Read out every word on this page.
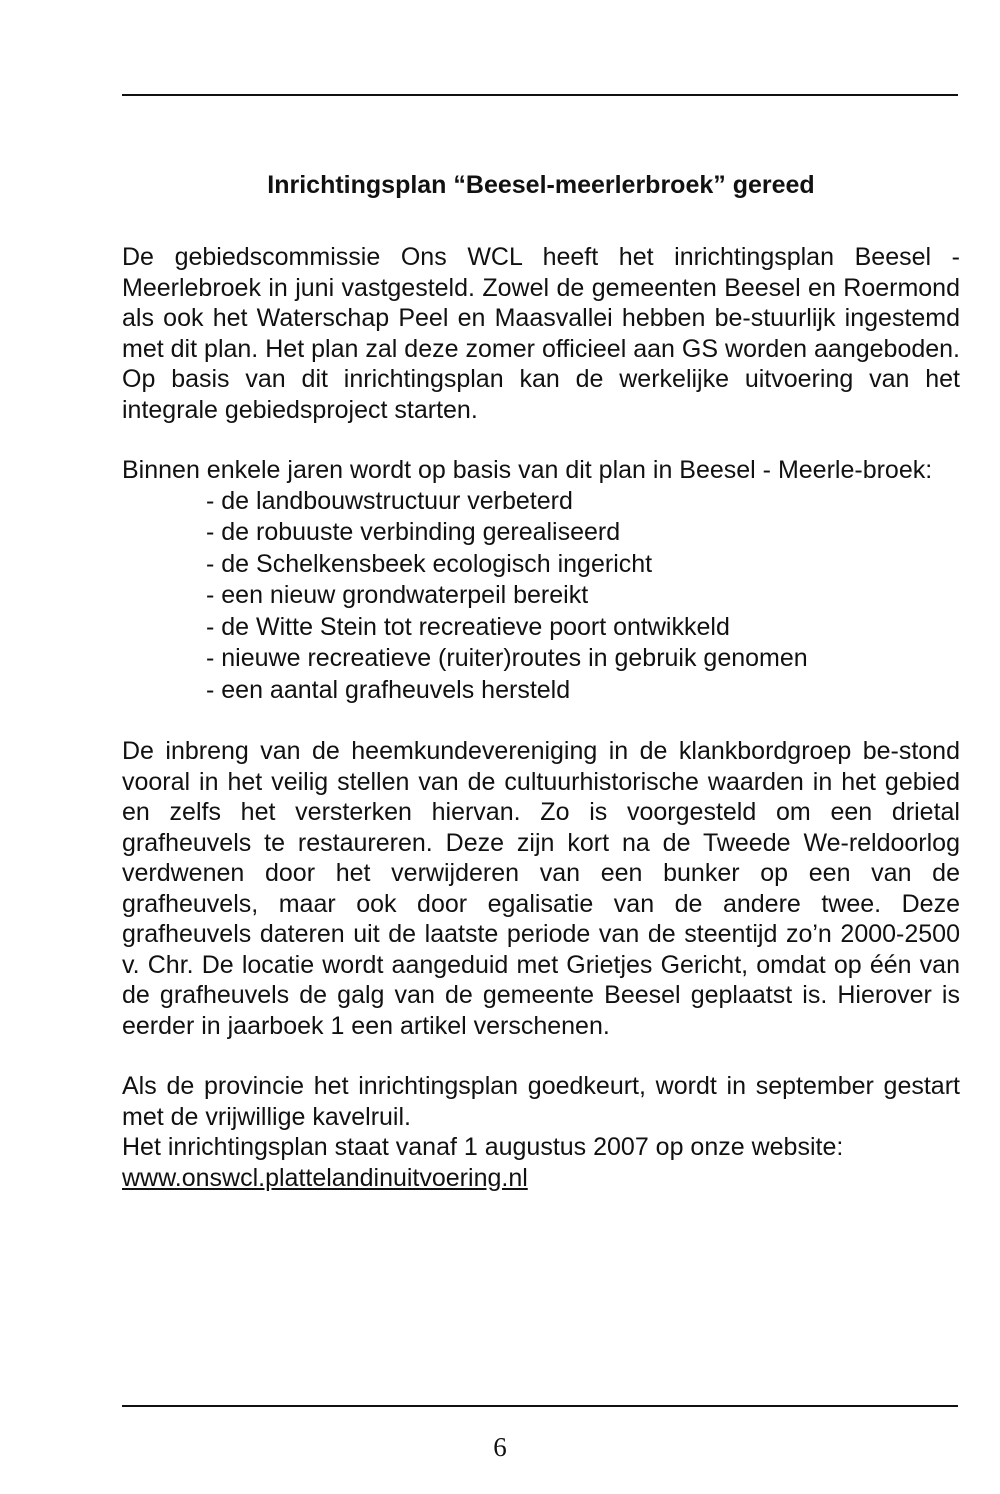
Inrichtingsplan “Beesel-meerlerbroek” gereed

De gebiedscommissie Ons WCL heeft het inrichtingsplan Beesel - Meerlebroek in juni vastgesteld. Zowel de gemeenten Beesel en Roermond als ook het Waterschap Peel en Maasvallei hebben be-stuurlijk ingestemd met dit plan. Het plan zal deze zomer officieel aan GS worden aangeboden. Op basis van dit inrichtingsplan kan de werkelijke uitvoering van het integrale gebiedsproject starten.

Binnen enkele jaren wordt op basis van dit plan in Beesel - Meerle-broek:

- de landbouwstructuur verbeterd
- de robuuste verbinding gerealiseerd
- de Schelkensbeek ecologisch ingericht
- een nieuw grondwaterpeil bereikt
- de Witte Stein tot recreatieve poort ontwikkeld
- nieuwe recreatieve (ruiter)routes in gebruik genomen
- een aantal grafheuvels hersteld

De inbreng van de heemkundevereniging in de klankbordgroep be-stond vooral in het veilig stellen van de cultuurhistorische waarden in het gebied en zelfs het versterken hiervan. Zo is voorgesteld om een drietal grafheuvels te restaureren. Deze zijn kort na de Tweede We-reldoorlog verdwenen door het verwijderen van een bunker op een van de grafheuvels, maar ook door egalisatie van de andere twee. Deze grafheuvels dateren uit de laatste periode van de steentijd zo’n 2000-2500 v. Chr. De locatie wordt aangeduid met Grietjes Gericht, omdat op één van de grafheuvels de galg van de gemeente Beesel geplaatst is. Hierover is eerder in jaarboek 1 een artikel verschenen.

Als de provincie het inrichtingsplan goedkeurt, wordt in september gestart met de vrijwillige kavelruil.

Het inrichtingsplan staat vanaf 1 augustus 2007 op onze website:

www.onswcl.plattelandinuitvoering.nl

6
